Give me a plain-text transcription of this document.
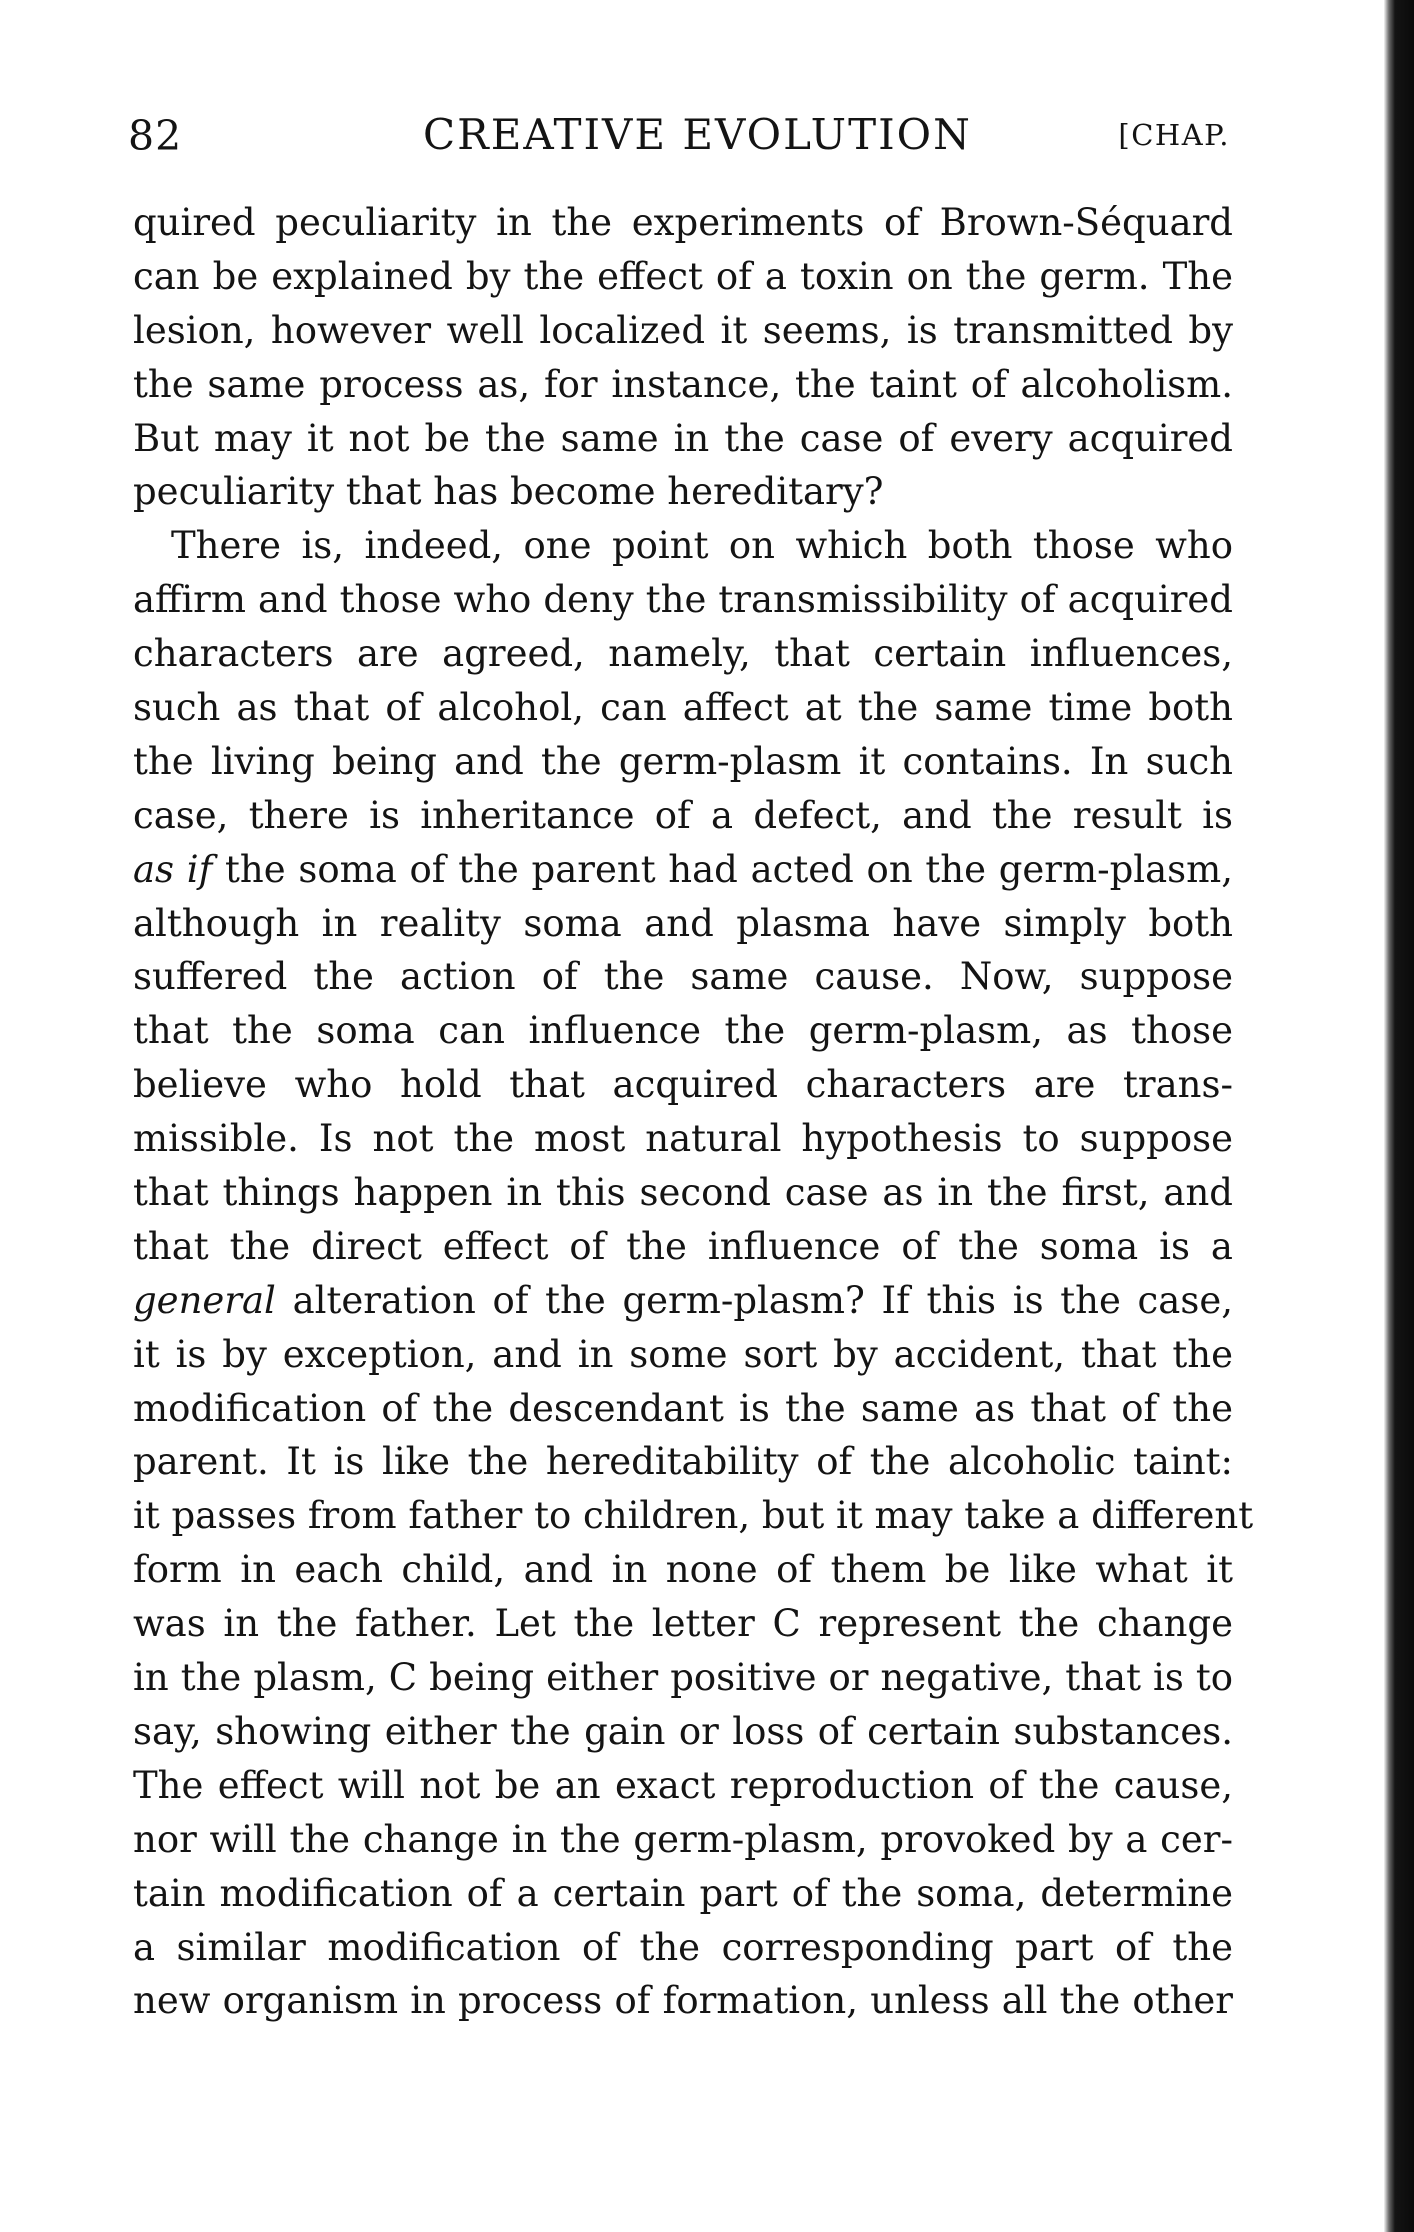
82	CREATIVE EVOLUTION	[CHAP.
quired peculiarity in the experiments of Brown-Séquard
can be explained by the effect of a toxin on the germ. The
lesion, however well localized it seems, is transmitted by
the same process as, for instance, the taint of alcoholism.
But may it not be the same in the case of every acquired
peculiarity that has become hereditary?
There is, indeed, one point on which both those who
affirm and those who deny the transmissibility of acquired
characters are agreed, namely, that certain influences,
such as that of alcohol, can affect at the same time both
the living being and the germ-plasm it contains. In such
case, there is inheritance of a defect, and the result is
as if the soma of the parent had acted on the germ-plasm,
although in reality soma and plasma have simply both
suffered the action of the same cause. Now, suppose
that the soma can influence the germ-plasm, as those
believe who hold that acquired characters are trans-
missible. Is not the most natural hypothesis to suppose
that things happen in this second case as in the first, and
that the direct effect of the influence of the soma is a
general alteration of the germ-plasm? If this is the case,
it is by exception, and in some sort by accident, that the
modification of the descendant is the same as that of the
parent. It is like the hereditability of the alcoholic taint:
it passes from father to children, but it may take a different
form in each child, and in none of them be like what it
was in the father. Let the letter C represent the change
in the plasm, C being either positive or negative, that is to
say, showing either the gain or loss of certain substances.
The effect will not be an exact reproduction of the cause,
nor will the change in the germ-plasm, provoked by a cer-
tain modification of a certain part of the soma, determine
a similar modification of the corresponding part of the
new organism in process of formation, unless all the other
